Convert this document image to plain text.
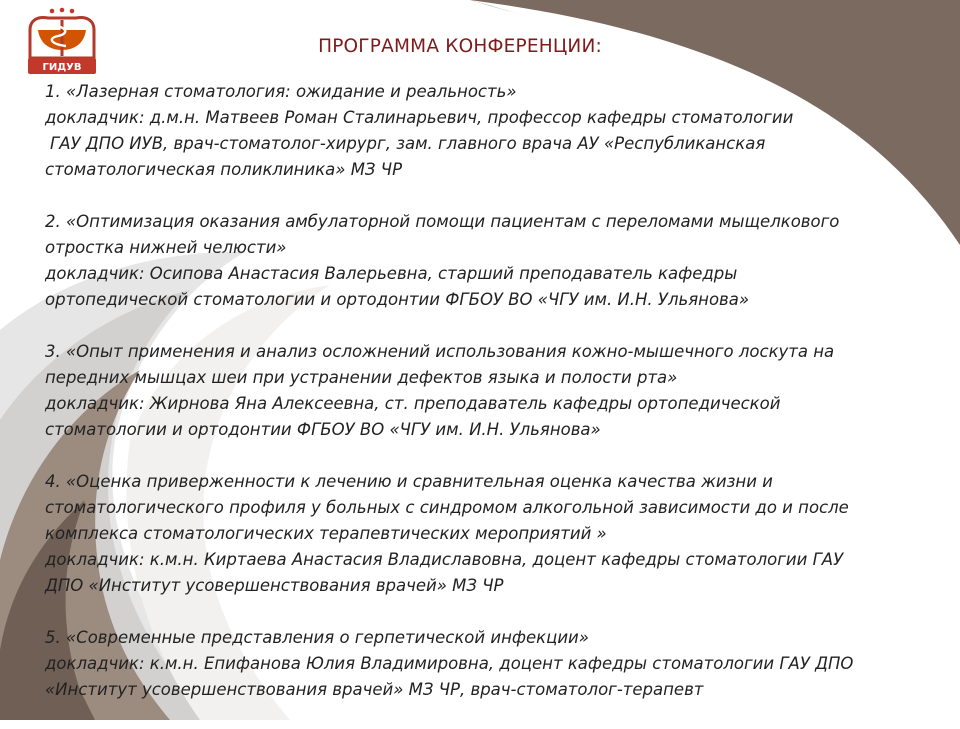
ГИДУВ
ПРОГРАММА КОНФЕРЕНЦИИ:
1. «Лазерная стоматология: ожидание и реальность»
докладчик: д.м.н. Матвеев Роман Сталинарьевич, профессор кафедры стоматологии
ГАУ ДПО ИУВ, врач-стоматолог-хирург, зам. главного врача АУ «Республиканская
стоматологическая поликлиника» МЗ ЧР
2. «Оптимизация оказания амбулаторной помощи пациентам с переломами мыщелкового
отростка нижней челюсти»
докладчик: Осипова Анастасия Валерьевна, старший преподаватель кафедры
ортопедической стоматологии и ортодонтии ФГБОУ ВО «ЧГУ им. И.Н. Ульянова»
3. «Опыт применения и анализ осложнений использования кожно-мышечного лоскута на
передних мышцах шеи при устранении дефектов языка и полости рта»
докладчик: Жирнова Яна Алексеевна, ст. преподаватель кафедры ортопедической
стоматологии и ортодонтии ФГБОУ ВО «ЧГУ им. И.Н. Ульянова»
4. «Оценка приверженности к лечению и сравнительная оценка качества жизни и
стоматологического профиля у больных с синдромом алкогольной зависимости до и после
комплекса стоматологических терапевтических мероприятий »
докладчик: к.м.н. Киртаева Анастасия Владиславовна, доцент кафедры стоматологии ГАУ
ДПО «Институт усовершенствования врачей» МЗ ЧР
5. «Современные представления о герпетической инфекции»
докладчик: к.м.н. Епифанова Юлия Владимировна, доцент кафедры стоматологии ГАУ ДПО
«Институт усовершенствования врачей» МЗ ЧР, врач-стоматолог-терапевт
